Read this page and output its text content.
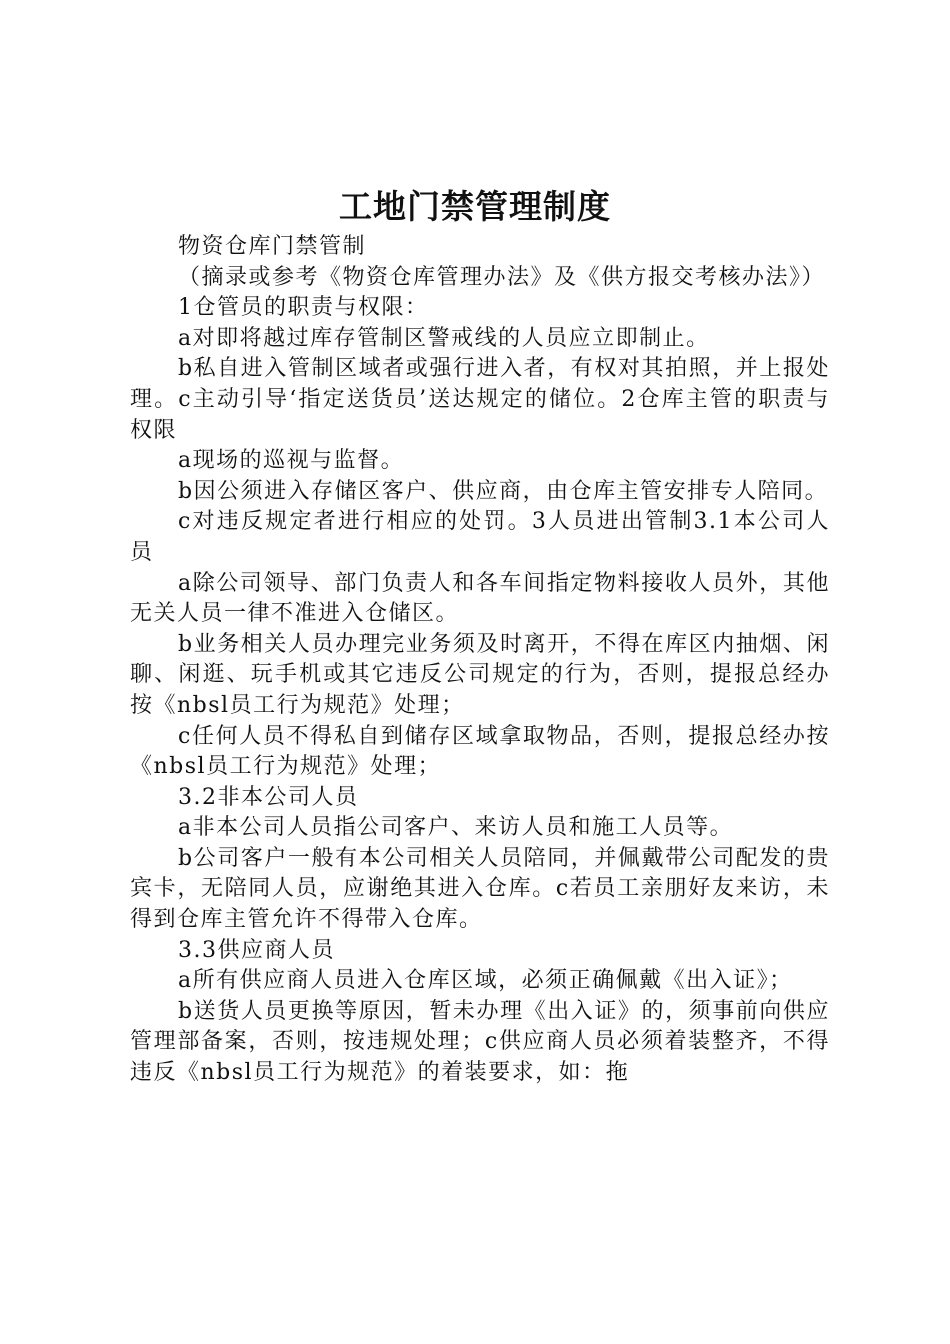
工地门禁管理制度

物资仓库门禁管制

（摘录或参考《物资仓库管理办法》及《供方报交考核办法》）

1仓管员的职责与权限：

a对即将越过库存管制区警戒线的人员应立即制止。

b私自进入管制区域者或强行进入者，有权对其拍照，并上报处理。c主动引导‘指定送货员’送达规定的储位。2仓库主管的职责与权限

a现场的巡视与监督。

b因公须进入存储区客户、供应商，由仓库主管安排专人陪同。

c对违反规定者进行相应的处罚。3人员进出管制3.1本公司人员

a除公司领导、部门负责人和各车间指定物料接收人员外，其他无关人员一律不准进入仓储区。

b业务相关人员办理完业务须及时离开，不得在库区内抽烟、闲聊、闲逛、玩手机或其它违反公司规定的行为，否则，提报总经办按《nbsl员工行为规范》处理；

c任何人员不得私自到储存区域拿取物品，否则，提报总经办按《nbsl员工行为规范》处理；

3.2非本公司人员

a非本公司人员指公司客户、来访人员和施工人员等。

b公司客户一般有本公司相关人员陪同，并佩戴带公司配发的贵宾卡，无陪同人员，应谢绝其进入仓库。c若员工亲朋好友来访，未得到仓库主管允许不得带入仓库。

3.3供应商人员

a所有供应商人员进入仓库区域，必须正确佩戴《出入证》；

b送货人员更换等原因，暂未办理《出入证》的，须事前向供应管理部备案，否则，按违规处理；c供应商人员必须着装整齐，不得违反《nbsl员工行为规范》的着装要求，如：拖
